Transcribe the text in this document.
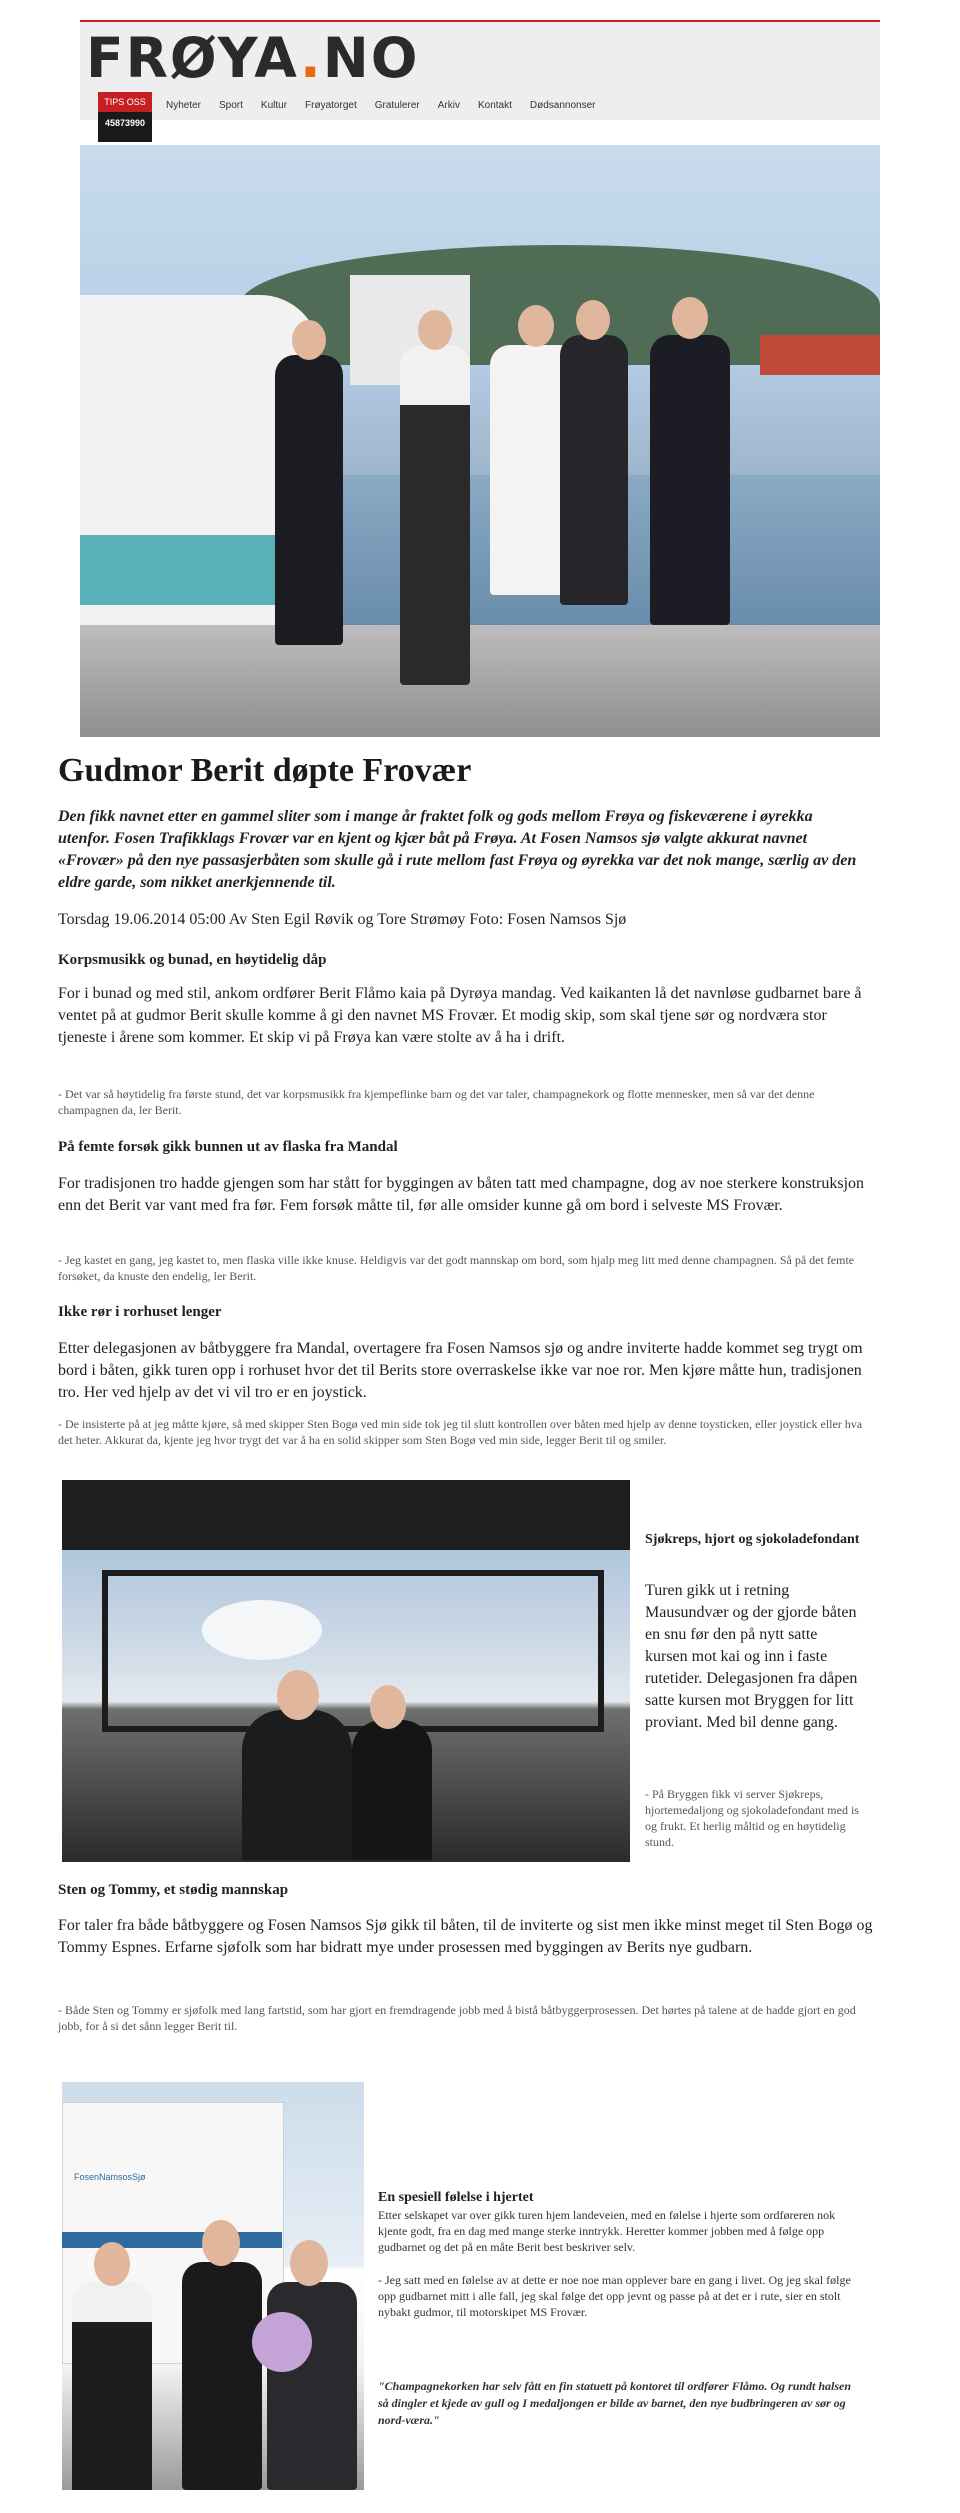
FRØYA.NO
TIPS OSS
45873990
Nyheter Sport Kultur Frøyatorget Gratulerer Arkiv Kontakt Dødsannonser
Gudmor Berit døpte Frovær
Den fikk navnet etter en gammel sliter som i mange år fraktet folk og gods mellom Frøya og fiskeværene i øyrekka utenfor. Fosen Trafikklags Frovær var en kjent og kjær båt på Frøya. At Fosen Namsos sjø valgte akkurat navnet «Frovær» på den nye passasjerbåten som skulle gå i rute mellom fast Frøya og øyrekka var det nok mange, særlig av den eldre garde, som nikket anerkjennende til.
Torsdag 19.06.2014 05:00 Av Sten Egil Røvik og Tore Strømøy Foto: Fosen Namsos Sjø
Korpsmusikk og bunad, en høytidelig dåp
For i bunad og med stil, ankom ordfører Berit Flåmo kaia på Dyrøya mandag. Ved kaikanten lå det navnløse gudbarnet bare å ventet på at gudmor Berit skulle komme å gi den navnet MS Frovær. Et modig skip, som skal tjene sør og nordværa stor tjeneste i årene som kommer. Et skip vi på Frøya kan være stolte av å ha i drift.
- Det var så høytidelig fra første stund, det var korpsmusikk fra kjempeflinke barn og det var taler, champagnekork og flotte mennesker, men så var det denne champagnen da, ler Berit.
På femte forsøk gikk bunnen ut av flaska fra Mandal
For tradisjonen tro hadde gjengen som har stått for byggingen av båten tatt med champagne, dog av noe sterkere konstruksjon enn det Berit var vant med fra før. Fem forsøk måtte til, før alle omsider kunne gå om bord i selveste MS Frovær.
- Jeg kastet en gang, jeg kastet to, men flaska ville ikke knuse. Heldigvis var det godt mannskap om bord, som hjalp meg litt med denne champagnen. Så på det femte forsøket, da knuste den endelig, ler Berit.
Ikke rør i rorhuset lenger
Etter delegasjonen av båtbyggere fra Mandal, overtagere fra Fosen Namsos sjø og andre inviterte hadde kommet seg trygt om bord i båten, gikk turen opp i rorhuset hvor det til Berits store overraskelse ikke var noe ror. Men kjøre måtte hun, tradisjonen tro. Her ved hjelp av det vi vil tro er en joystick.
- De insisterte på at jeg måtte kjøre, så med skipper Sten Bogø ved min side tok jeg til slutt kontrollen over båten med hjelp av denne toysticken, eller joystick eller hva det heter. Akkurat da, kjente jeg hvor trygt det var å ha en solid skipper som Sten Bogø ved min side, legger Berit til og smiler.
Sjøkreps, hjort og sjokoladefondant
Turen gikk ut i retning Mausundvær og der gjorde båten en snu før den på nytt satte kursen mot kai og inn i faste rutetider. Delegasjonen fra dåpen satte kursen mot Bryggen for litt proviant. Med bil denne gang.
- På Bryggen fikk vi server Sjøkreps, hjortemedaljong og sjokoladefondant med is og frukt. Et herlig måltid og en høytidelig stund.
Sten og Tommy, et stødig mannskap
For taler fra både båtbyggere og Fosen Namsos Sjø gikk til båten, til de inviterte og sist men ikke minst meget til Sten Bogø og Tommy Espnes. Erfarne sjøfolk som har bidratt mye under prosessen med byggingen av Berits nye gudbarn.
- Både Sten og Tommy er sjøfolk med lang fartstid, som har gjort en fremdragende jobb med å bistå båtbyggerprosessen. Det hørtes på talene at de hadde gjort en god jobb, for å si det sånn legger Berit til.
FosenNamsosSjø
En spesiell følelse i hjertet
Etter selskapet var over gikk turen hjem landeveien, med en følelse i hjerte som ordføreren nok kjente godt, fra en dag med mange sterke inntrykk. Heretter kommer jobben med å følge opp gudbarnet og det på en måte Berit best beskriver selv.
- Jeg satt med en følelse av at dette er noe noe man opplever bare en gang i livet. Og jeg skal følge opp gudbarnet mitt i alle fall, jeg skal følge det opp jevnt og passe på at det er i rute, sier en stolt nybakt gudmor, til motorskipet MS Frovær.
"Champagnekorken har selv fått en fin statuett på kontoret til ordfører Flåmo. Og rundt halsen så dingler et kjede av gull og I medaljongen er bilde av barnet, den nye budbringeren av sør og nord-væra."
